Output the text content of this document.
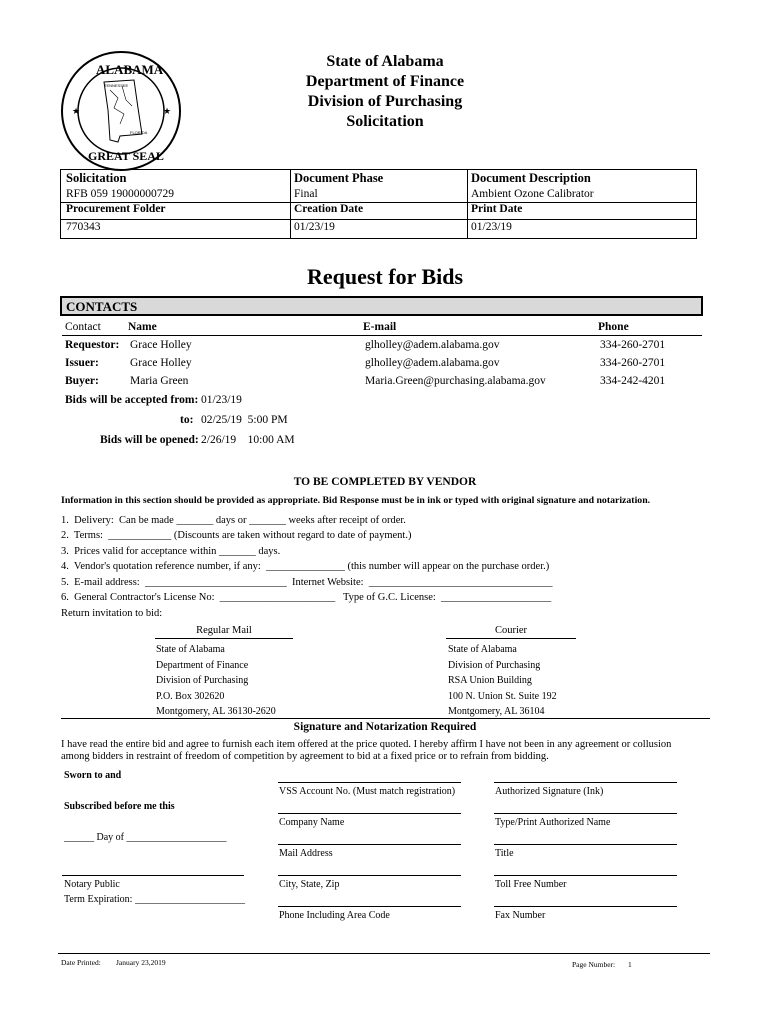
★	★
ALABAMA
GREAT SEAL
TENNESSEE
FLORIDA
State of Alabama
Department of Finance
Division of Purchasing
Solicitation
Solicitation
RFB 059 19000000729
Document Phase
Final
Document Description
Ambient Ozone Calibrator
Procurement Folder
770343
Creation Date
01/23/19
Print Date
01/23/19
Request for Bids
CONTACTS
Contact Name	E-mail	Phone
Requestor: Grace Holley	glholley@adem.alabama.gov	334-260-2701
Issuer:	Grace Holley	glholley@adem.alabama.gov	334-260-2701
Buyer:	Maria Green	Maria.Green@purchasing.alabama.gov	334-242-4201
Bids will be accepted from: 01/23/19
to: 02/25/19  5:00 PM
Bids will be opened: 2/26/19    10:00 AM
TO BE COMPLETED BY VENDOR
Information in this section should be provided as appropriate. Bid Response must be in ink or typed with original signature and notarization.
1.  Delivery:  Can be made _______ days or _______ weeks after receipt of order.
2.  Terms:  ____________ (Discounts are taken without regard to date of payment.)
3.  Prices valid for acceptance within _______ days.
4.  Vendor's quotation reference number, if any:  _______________ (this number will appear on the purchase order.)
5.  E-mail address:  ___________________________  Internet Website:  ___________________________________
6.  General Contractor's License No:  ______________________   Type of G.C. License:  _____________________
Return invitation to bid:
Regular Mail
State of Alabama
Department of Finance
Division of Purchasing
P.O. Box 302620
Montgomery, AL 36130-2620
Courier
State of Alabama
Division of Purchasing
RSA Union Building
100 N. Union St. Suite 192
Montgomery, AL 36104
Signature and Notarization Required
I have read the entire bid and agree to furnish each item offered at the price quoted. I hereby affirm I have not been in any agreement or collusion among bidders in restraint of freedom of competition by agreement to bid at a fixed price or to refrain from bidding.
Sworn to and
Subscribed before me this
______ Day of ____________________
Notary Public
Term Expiration: ______________________
VSS Account No. (Must match registration)
Company Name
Mail Address
City, State, Zip
Phone Including Area Code
Authorized Signature (Ink)
Type/Print Authorized Name
Title
Toll Free Number
Fax Number
Date Printed: January 23,2019	Page Number: 1
